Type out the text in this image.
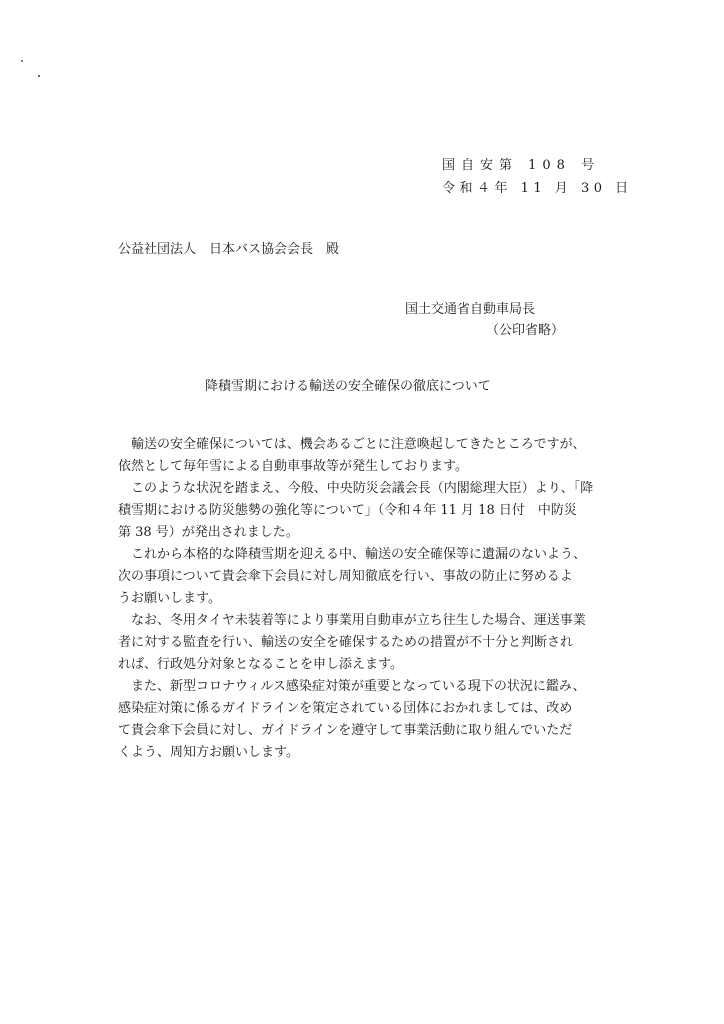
国自安第 108 号
令和４年 11 月 30 日
公益社団法人　日本バス協会会長　殿
国土交通省自動車局長
（公印省略）
降積雪期における輸送の安全確保の徹底について
　輸送の安全確保については、機会あるごとに注意喚起してきたところですが、
依然として毎年雪による自動車事故等が発生しております。
　このような状況を踏まえ、今般、中央防災会議会長（内閣総理大臣）より、「降
積雪期における防災態勢の強化等について」（令和４年 11 月 18 日付　中防災
第 38 号）が発出されました。
　これから本格的な降積雪期を迎える中、輸送の安全確保等に遺漏のないよう、
次の事項について貴会傘下会員に対し周知徹底を行い、事故の防止に努めるよ
うお願いします。
　なお、冬用タイヤ未装着等により事業用自動車が立ち往生した場合、運送事業
者に対する監査を行い、輸送の安全を確保するための措置が不十分と判断され
れば、行政処分対象となることを申し添えます。
　また、新型コロナウィルス感染症対策が重要となっている現下の状況に鑑み、
感染症対策に係るガイドラインを策定されている団体におかれましては、改め
て貴会傘下会員に対し、ガイドラインを遵守して事業活動に取り組んでいただ
くよう、周知方お願いします。
